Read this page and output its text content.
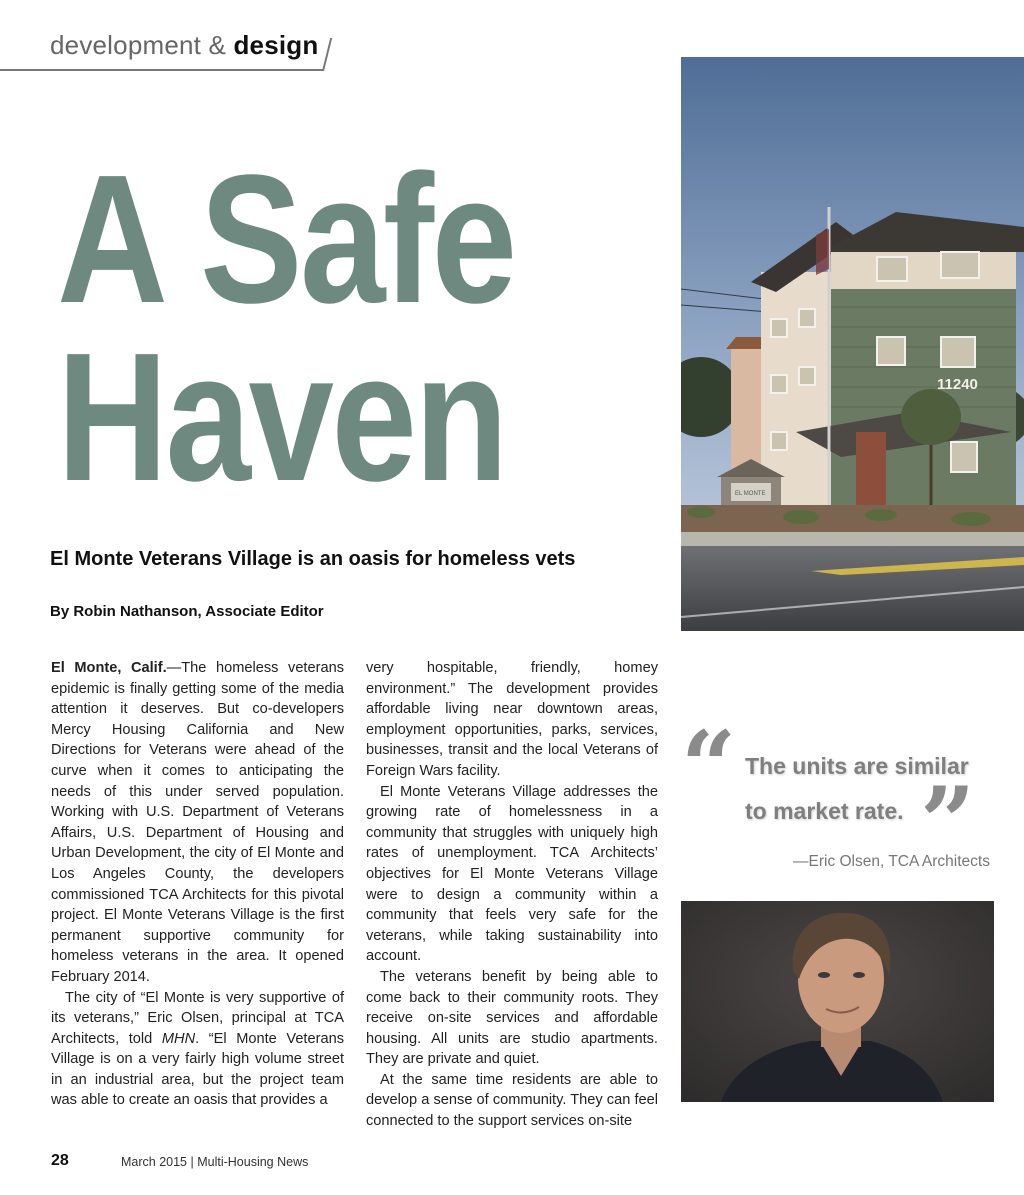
development & design
A Safe
Haven
El Monte Veterans Village is an oasis for homeless vets
By Robin Nathanson, Associate Editor

El Monte, Calif.—The homeless veterans epidemic is finally getting some of the media attention it deserves. But co-developers Mercy Housing California and New Directions for Veterans were ahead of the curve when it comes to anticipating the needs of this under served population. Working with U.S. Department of Veterans Affairs, U.S. Department of Housing and Urban Development, the city of El Monte and Los Angeles County, the developers commissioned TCA Architects for this pivotal project. El Monte Veterans Village is the first permanent supportive community for homeless veterans in the area. It opened February 2014.

The city of “El Monte is very supportive of its veterans,” Eric Olsen, principal at TCA Architects, told MHN. “El Monte Veterans Village is on a very fairly high volume street in an industrial area, but the project team was able to create an oasis that provides a

very hospitable, friendly, homey environment.” The development provides affordable living near downtown areas, employment opportunities, parks, services, businesses, transit and the local Veterans of Foreign Wars facility.

El Monte Veterans Village addresses the growing rate of homelessness in a community that struggles with uniquely high rates of unemployment. TCA Architects’ objectives for El Monte Veterans Village were to design a community within a community that feels very safe for the veterans, while taking sustainability into account.

The veterans benefit by being able to come back to their community roots. They receive on-site services and affordable housing. All units are studio apartments. They are private and quiet.

At the same time residents are able to develop a sense of community. They can feel connected to the support services on-site

11240
EL MONTE
“ The units are similar
to market rate. ”
—Eric Olsen, TCA Architects
28	March 2015 | Multi-Housing News
